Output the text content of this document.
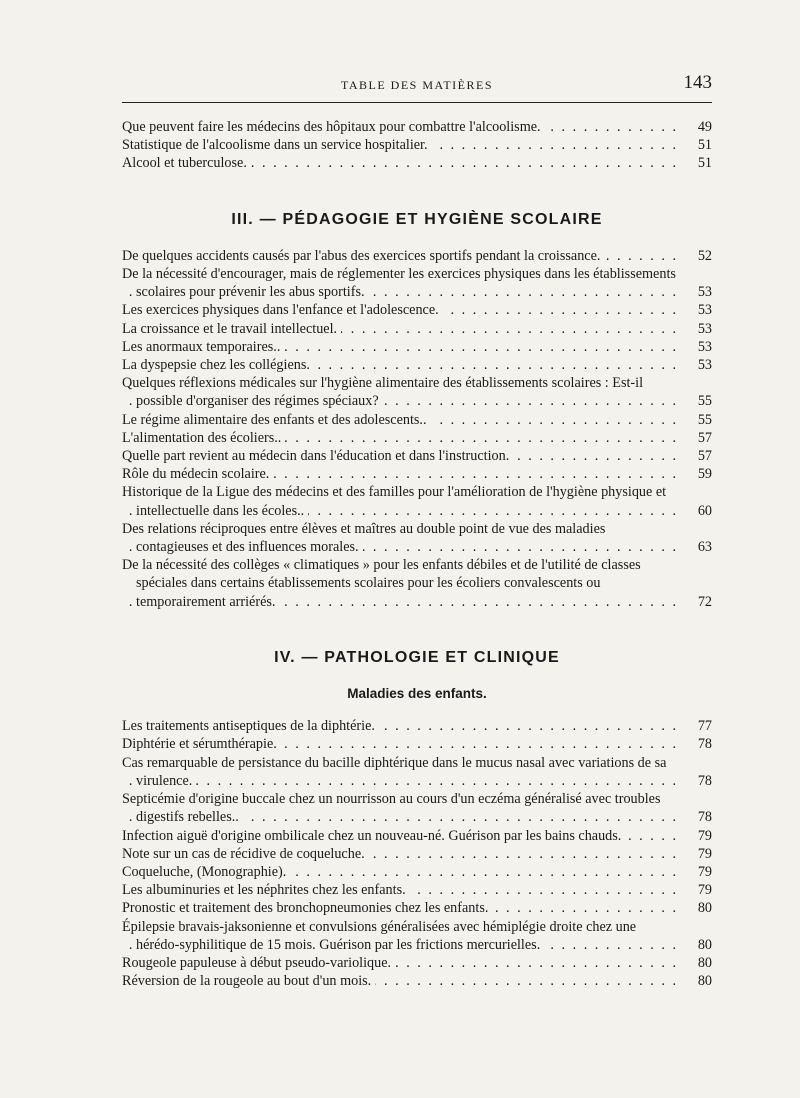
TABLE DES MATIÈRES	143
Que peuvent faire les médecins des hôpitaux pour combattre l'alcoolisme.	49
. . .
Statistique de l'alcoolisme dans un service hospitalier.	51
. . .
Alcool et tuberculose.	51
. . .
III. — PÉDAGOGIE ET HYGIÈNE SCOLAIRE
De quelques accidents causés par l'abus des exercices sportifs pendant la croissance.	52
. . .
De la nécessité d'encourager, mais de réglementer les exercices physiques dans les établissements scolaires pour prévenir les abus sportifs.	53
. . .
Les exercices physiques dans l'enfance et l'adolescence.	53
. . .
La croissance et le travail intellectuel.	53
. . .
Les anormaux temporaires..	53
. . .
La dyspepsie chez les collégiens.	53
. . .
Quelques réflexions médicales sur l'hygiène alimentaire des établissements scolaires : Est-il possible d'organiser des régimes spéciaux?	55
. . .
Le régime alimentaire des enfants et des adolescents..	55
. . .
L'alimentation des écoliers..	57
. . .
Quelle part revient au médecin dans l'éducation et dans l'instruction.	57
. . .
Rôle du médecin scolaire.	59
. . .
Historique de la Ligue des médecins et des familles pour l'amélioration de l'hygiène physique et intellectuelle dans les écoles..	60
. . .
Des relations réciproques entre élèves et maîtres au double point de vue des maladies contagieuses et des influences morales.	63
. . .
De la nécessité des collèges « climatiques » pour les enfants débiles et de l'utilité de classes spéciales dans certains établissements scolaires pour les écoliers convalescents ou temporairement arriérés.	72
. . .
IV. — PATHOLOGIE ET CLINIQUE
Maladies des enfants.
Les traitements antiseptiques de la diphtérie.	77
. . .
Diphtérie et sérumthérapie.	78
. . .
Cas remarquable de persistance du bacille diphtérique dans le mucus nasal avec variations de sa virulence.	78
. . .
Septicémie d'origine buccale chez un nourrisson au cours d'un eczéma généralisé avec troubles digestifs rebelles..	78
. . .
Infection aiguë d'origine ombilicale chez un nouveau-né. Guérison par les bains chauds.	79
. . .
Note sur un cas de récidive de coqueluche.	79
. . .
Coqueluche, (Monographie).	79
. . .
Les albuminuries et les néphrites chez les enfants.	79
. . .
Pronostic et traitement des bronchopneumonies chez les enfants.	80
. . .
Épilepsie bravais-jaksonienne et convulsions généralisées avec hémiplégie droite chez une hérédo-syphilitique de 15 mois. Guérison par les frictions mercurielles.	80
. . .
Rougeole papuleuse à début pseudo-variolique.	80
. . .
Réversion de la rougeole au bout d'un mois.	80
. . .
